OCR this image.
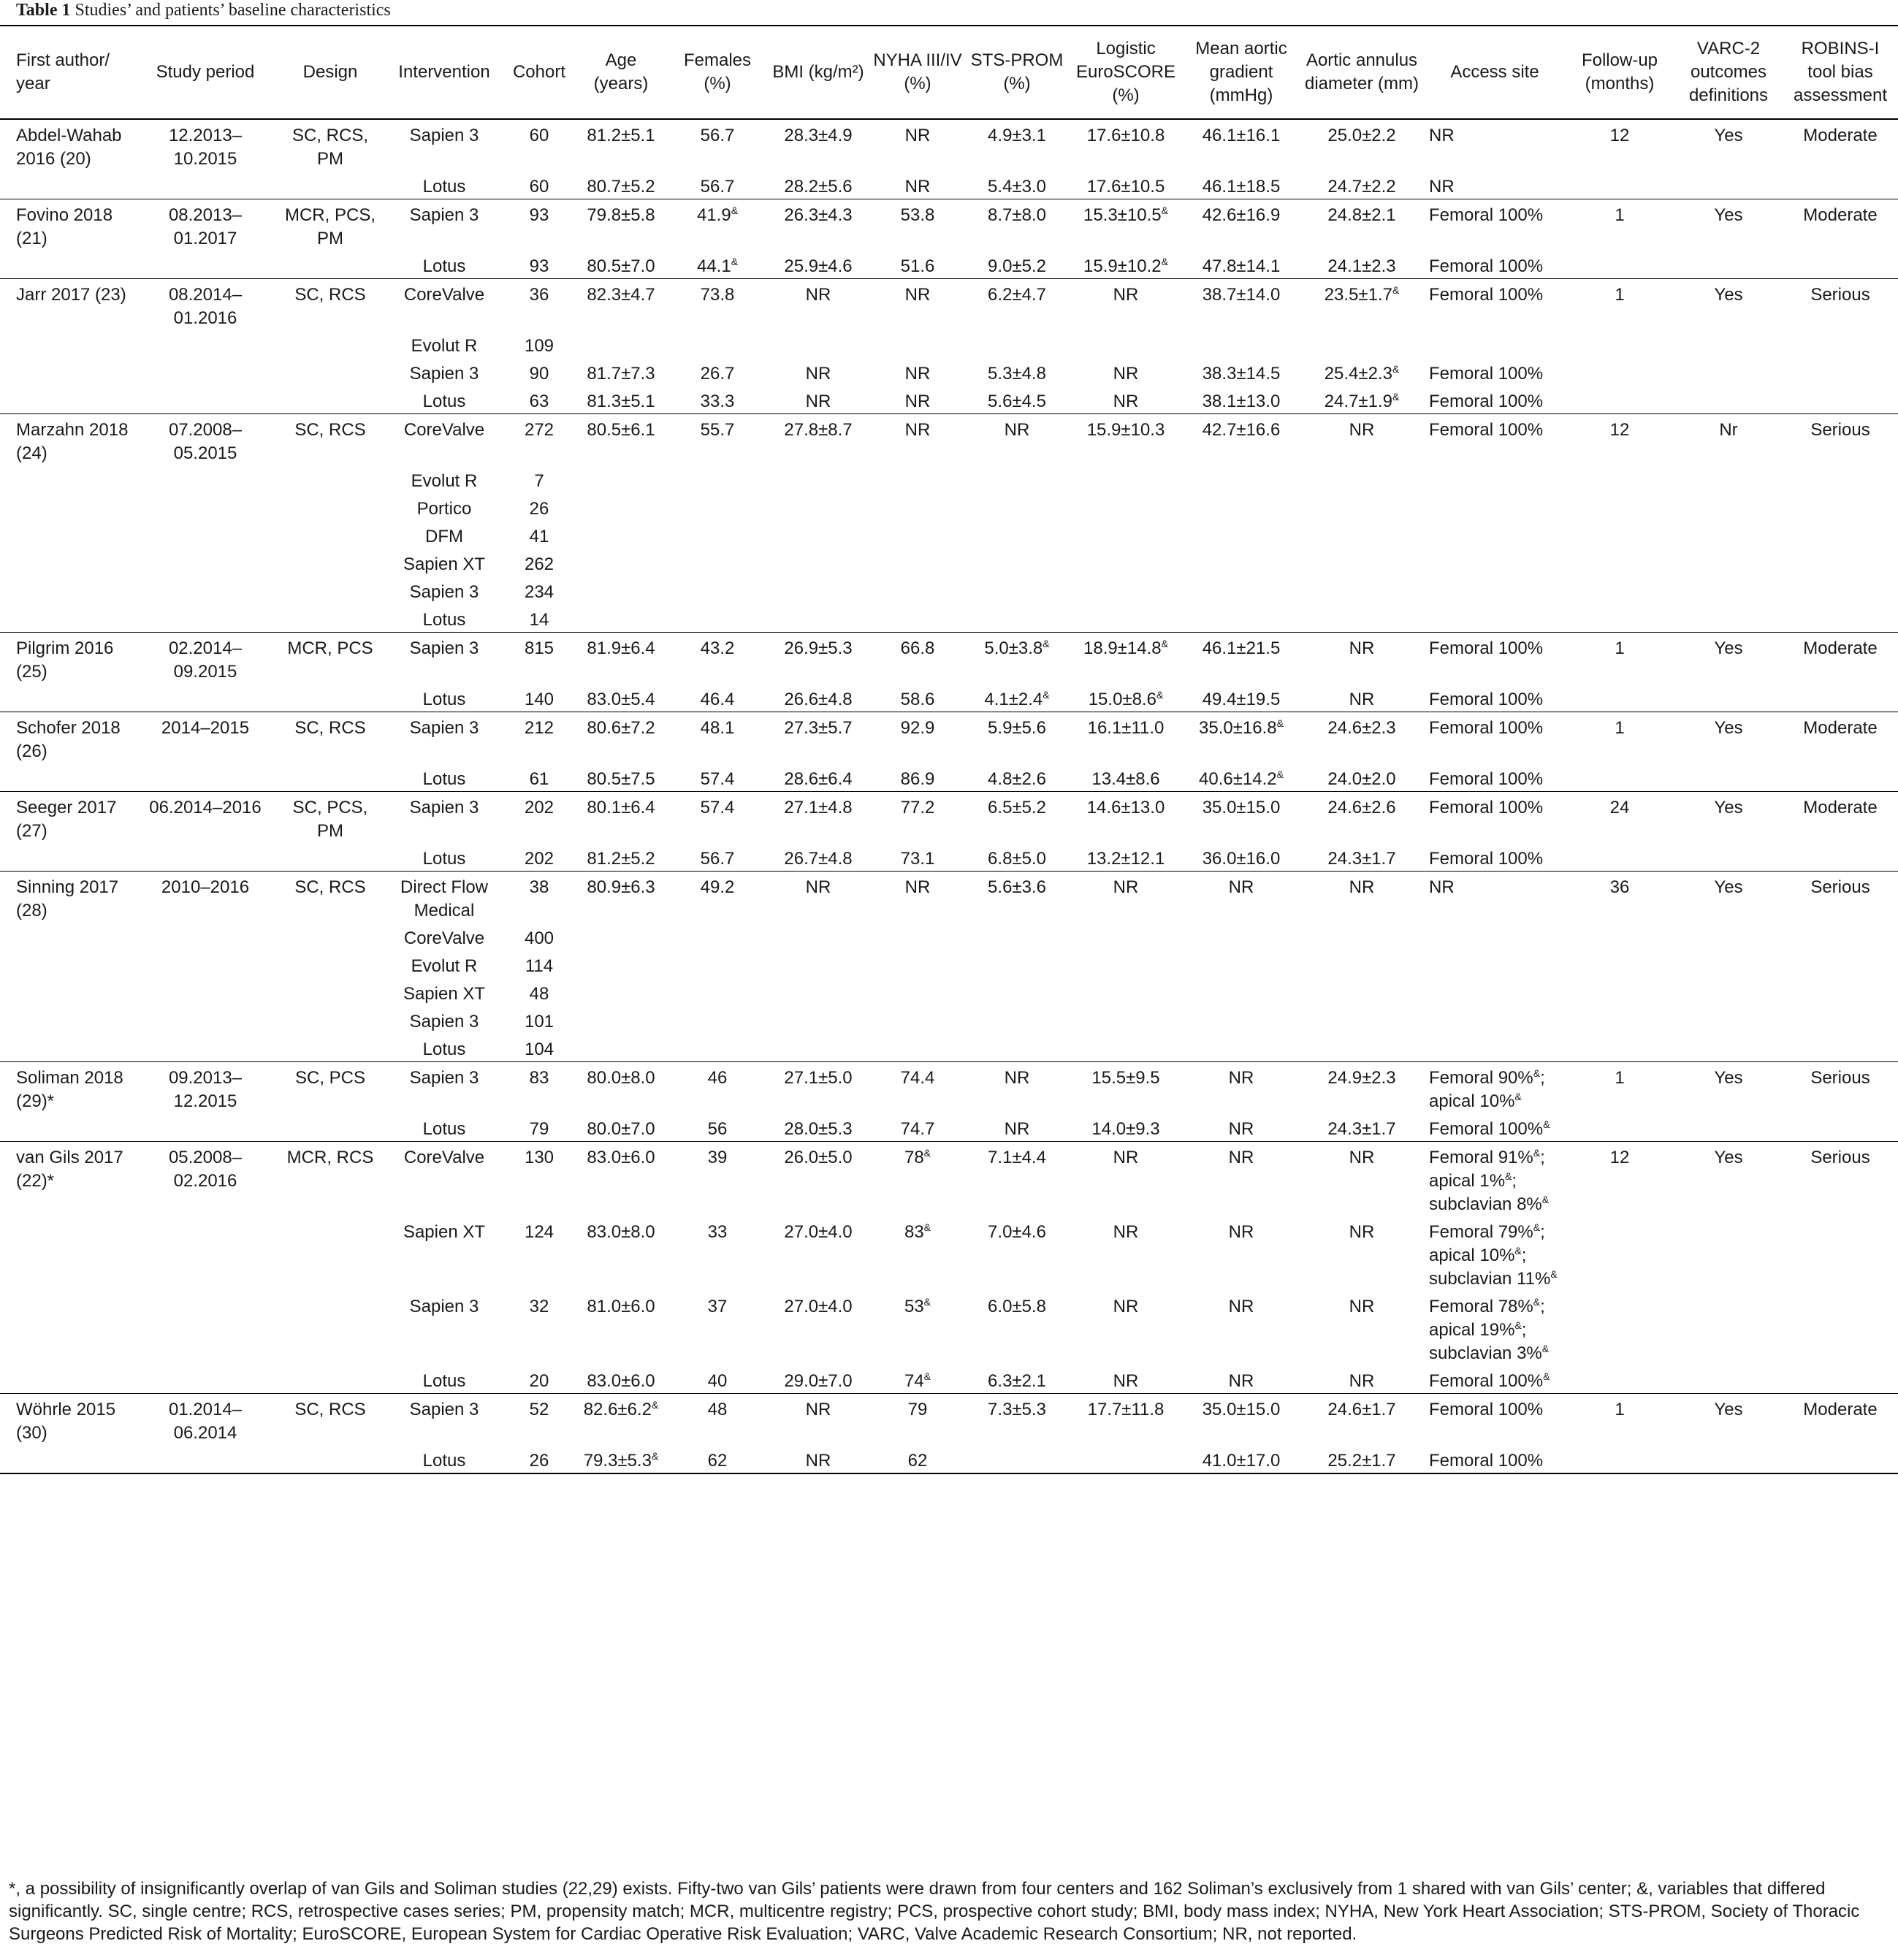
Table 1 Studies’ and patients’ baseline characteristics
First author/ year	Study period	Design	Intervention	Cohort	Age (years)	Females (%)	BMI (kg/m²)	NYHA III/IV (%)	STS-PROM (%)	Logistic EuroSCORE (%)	Mean aortic gradient (mmHg)	Aortic annulus diameter (mm)	Access site	Follow-up (months)	VARC-2 outcomes definitions	ROBINS-I tool bias assessment
Abdel-Wahab 2016 (20)	12.2013–10.2015	SC, RCS, PM	Sapien 3	60	81.2±5.1	56.7	28.3±4.9	NR	4.9±3.1	17.6±10.8	46.1±16.1	25.0±2.2	NR	12	Yes	Moderate
			Lotus	60	80.7±5.2	56.7	28.2±5.6	NR	5.4±3.0	17.6±10.5	46.1±18.5	24.7±2.2	NR			
Fovino 2018 (21)	08.2013–01.2017	MCR, PCS, PM	Sapien 3	93	79.8±5.8	41.9&	26.3±4.3	53.8	8.7±8.0	15.3±10.5&	42.6±16.9	24.8±2.1	Femoral 100%	1	Yes	Moderate
			Lotus	93	80.5±7.0	44.1&	25.9±4.6	51.6	9.0±5.2	15.9±10.2&	47.8±14.1	24.1±2.3	Femoral 100%			
Jarr 2017 (23)	08.2014–01.2016	SC, RCS	CoreValve	36	82.3±4.7	73.8	NR	NR	6.2±4.7	NR	38.7±14.0	23.5±1.7&	Femoral 100%	1	Yes	Serious
			Evolut R	109												
			Sapien 3	90	81.7±7.3	26.7	NR	NR	5.3±4.8	NR	38.3±14.5	25.4±2.3&	Femoral 100%			
			Lotus	63	81.3±5.1	33.3	NR	NR	5.6±4.5	NR	38.1±13.0	24.7±1.9&	Femoral 100%			
Marzahn 2018 (24)	07.2008–05.2015	SC, RCS	CoreValve	272	80.5±6.1	55.7	27.8±8.7	NR	NR	15.9±10.3	42.7±16.6	NR	Femoral 100%	12	Nr	Serious
			Evolut R	7												
			Portico	26												
			DFM	41												
			Sapien XT	262												
			Sapien 3	234												
			Lotus	14												
Pilgrim 2016 (25)	02.2014–09.2015	MCR, PCS	Sapien 3	815	81.9±6.4	43.2	26.9±5.3	66.8	5.0±3.8&	18.9±14.8&	46.1±21.5	NR	Femoral 100%	1	Yes	Moderate
			Lotus	140	83.0±5.4	46.4	26.6±4.8	58.6	4.1±2.4&	15.0±8.6&	49.4±19.5	NR	Femoral 100%			
Schofer 2018 (26)	2014–2015	SC, RCS	Sapien 3	212	80.6±7.2	48.1	27.3±5.7	92.9	5.9±5.6	16.1±11.0	35.0±16.8&	24.6±2.3	Femoral 100%	1	Yes	Moderate
			Lotus	61	80.5±7.5	57.4	28.6±6.4	86.9	4.8±2.6	13.4±8.6	40.6±14.2&	24.0±2.0	Femoral 100%			
Seeger 2017 (27)	06.2014–2016	SC, PCS, PM	Sapien 3	202	80.1±6.4	57.4	27.1±4.8	77.2	6.5±5.2	14.6±13.0	35.0±15.0	24.6±2.6	Femoral 100%	24	Yes	Moderate
			Lotus	202	81.2±5.2	56.7	26.7±4.8	73.1	6.8±5.0	13.2±12.1	36.0±16.0	24.3±1.7	Femoral 100%			
Sinning 2017 (28)	2010–2016	SC, RCS	Direct Flow Medical	38	80.9±6.3	49.2	NR	NR	5.6±3.6	NR	NR	NR	NR	36	Yes	Serious
			CoreValve	400												
			Evolut R	114												
			Sapien XT	48												
			Sapien 3	101												
			Lotus	104												
Soliman 2018 (29)*	09.2013–12.2015	SC, PCS	Sapien 3	83	80.0±8.0	46	27.1±5.0	74.4	NR	15.5±9.5	NR	24.9±2.3	Femoral 90%&; apical 10%&	1	Yes	Serious
			Lotus	79	80.0±7.0	56	28.0±5.3	74.7	NR	14.0±9.3	NR	24.3±1.7	Femoral 100%&			
van Gils 2017 (22)*	05.2008–02.2016	MCR, RCS	CoreValve	130	83.0±6.0	39	26.0±5.0	78&	7.1±4.4	NR	NR	NR	Femoral 91%&; apical 1%&; subclavian 8%&	12	Yes	Serious
			Sapien XT	124	83.0±8.0	33	27.0±4.0	83&	7.0±4.6	NR	NR	NR	Femoral 79%&; apical 10%&; subclavian 11%&			
			Sapien 3	32	81.0±6.0	37	27.0±4.0	53&	6.0±5.8	NR	NR	NR	Femoral 78%&; apical 19%&; subclavian 3%&			
			Lotus	20	83.0±6.0	40	29.0±7.0	74&	6.3±2.1	NR	NR	NR	Femoral 100%&			
Wöhrle 2015 (30)	01.2014–06.2014	SC, RCS	Sapien 3	52	82.6±6.2&	48	NR	79	7.3±5.3	17.7±11.8	35.0±15.0	24.6±1.7	Femoral 100%	1	Yes	Moderate
			Lotus	26	79.3±5.3&	62	NR	62			41.0±17.0	25.2±1.7	Femoral 100%			
*, a possibility of insignificantly overlap of van Gils and Soliman studies (22,29) exists. Fifty-two van Gils’ patients were drawn from four centers and 162 Soliman’s exclusively from 1 shared with van Gils’ center; &, variables that differed significantly. SC, single centre; RCS, retrospective cases series; PM, propensity match; MCR, multicentre registry; PCS, prospective cohort study; BMI, body mass index; NYHA, New York Heart Association; STS-PROM, Society of Thoracic Surgeons Predicted Risk of Mortality; EuroSCORE, European System for Cardiac Operative Risk Evaluation; VARC, Valve Academic Research Consortium; NR, not reported.
